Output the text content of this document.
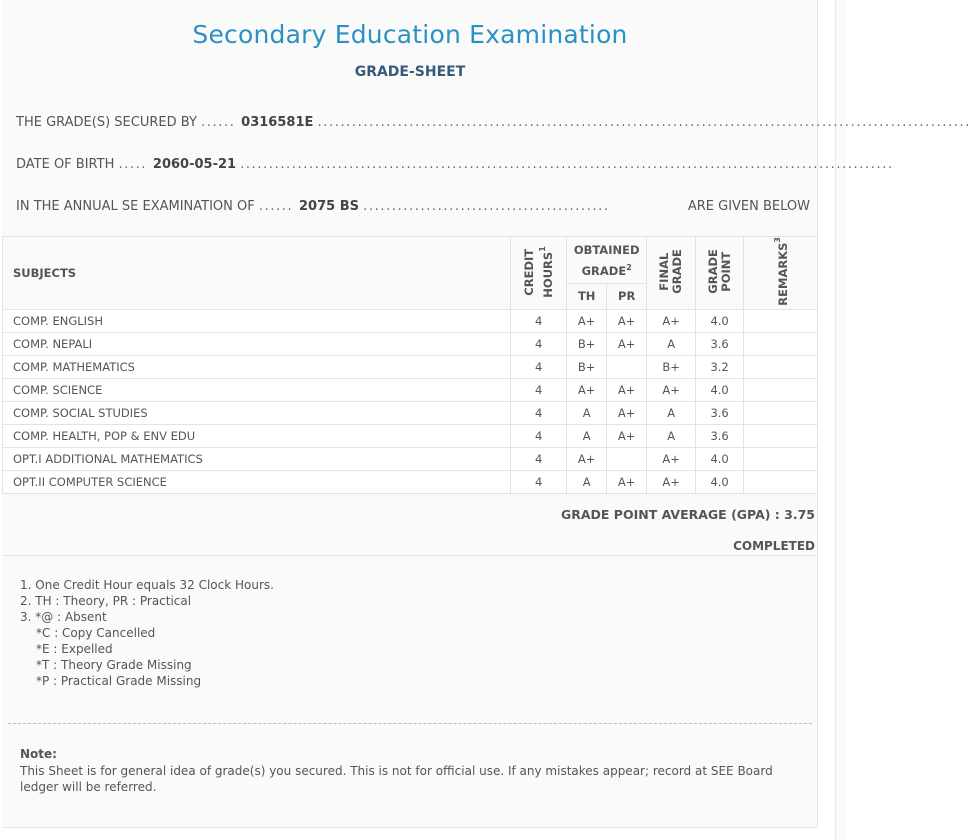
Secondary Education Examination
GRADE-SHEET
THE GRADE(S) SECURED BY ...... 0316581E ..................................................................................................................
DATE OF BIRTH ..... 2060-05-21 ..................................................................................................................
IN THE ANNUAL SE EXAMINATION OF ...... 2075 BS ...........................................	ARE GIVEN BELOW
SUBJECTS	CREDIT HOURS$^1$	OBTAINED GRADE$^2$		FINAL GRADE	GRADE POINT	REMARKS$^3$
		TH	PR			
COMP. ENGLISH	4	A+	A+	A+	4.0	
COMP. NEPALI	4	B+	A+	A	3.6	
COMP. MATHEMATICS	4	B+		B+	3.2	
COMP. SCIENCE	4	A+	A+	A+	4.0	
COMP. SOCIAL STUDIES	4	A	A+	A	3.6	
COMP. HEALTH, POP & ENV EDU	4	A	A+	A	3.6	
OPT.I ADDITIONAL MATHEMATICS	4	A+		A+	4.0	
OPT.II COMPUTER SCIENCE	4	A	A+	A+	4.0	
GRADE POINT AVERAGE (GPA) : 3.75
COMPLETED
1. One Credit Hour equals 32 Clock Hours.
2. TH : Theory, PR : Practical
3. *@ : Absent
*C : Copy Cancelled
*E : Expelled
*T : Theory Grade Missing
*P : Practical Grade Missing
Note:
This Sheet is for general idea of grade(s) you secured. This is not for official use. If any mistakes appear; record at SEE Board ledger will be referred.
